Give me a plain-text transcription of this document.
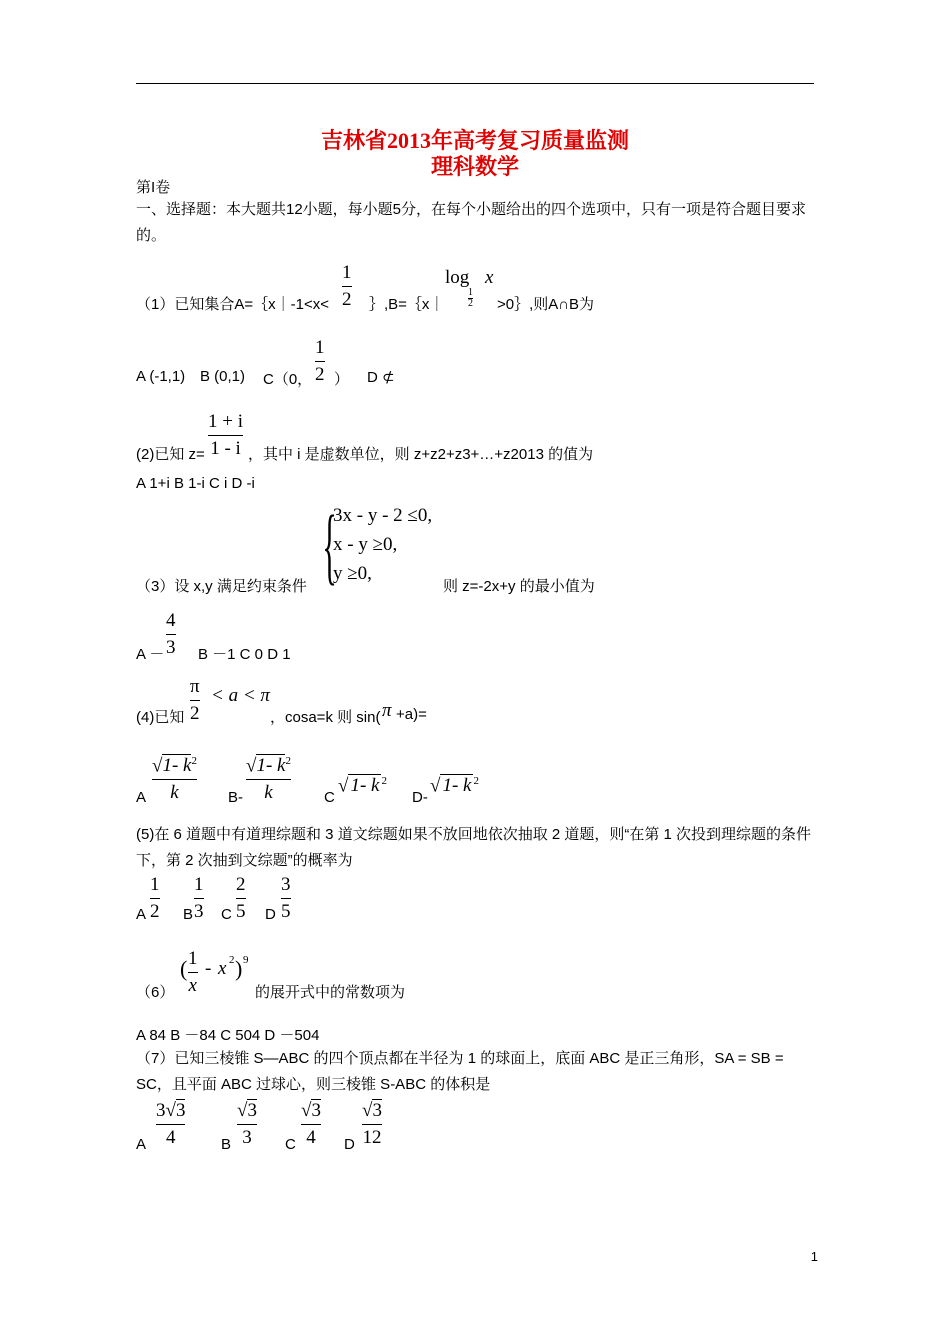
吉林省2013年高考复习质量监测
理科数学
第I卷
一、选择题：本大题共12小题，每小题5分，在每个小题给出的四个选项中，只有一项是符合题目要求的。
（1）已知集合A=｛x｜-1<x<
1
2 ｝,B=｛x｜
log
1
2
x
>0｝,则A∩B为
A (-1,1) B (0,1) C（0，
1
2 ） D ⊄
(2)已知 z=
1 + i
1 - i ，其中 i 是虚数单位，则 z+z2+z3+…+z2013 的值为
A 1+i B 1-i C i D -i
（3）设 x,y 满足约束条件 {
3x - y - 2 ≤0,
x - y ≥0,
y ≥0,
则 z=-2x+y 的最小值为
A －
4
3 B －1 C 0 D 1
π
2
< a < π
(4)已知	，cosa=k 则 sin( π +a)=
A
√1- $k^2$
k	B-
√1- $k^2$
k	C
√ 1- k $^2$
D-
√ 1- k $^2$
(5)在 6 道题中有道理综题和 3 道文综题如果不放回地依次抽取 2 道题，则“在第 1 次投到理综题的条件下，第 2 次抽到文综题”的概率为
A
1
2 B
1
3 C
2
5 D
3
5
（6）
( 1
x
- x 2 ) 9
的展开式中的常数项为
A 84 B －84 C 504 D －504
（7）已知三棱锥 S—ABC 的四个顶点都在半径为 1 的球面上，底面 ABC 是正三角形，SA = SB = SC，且平面 ABC 过球心，则三棱锥 S-ABC 的体积是
A
3√3
4	B
√3
3 C
√3
4 D
√3
12
1
